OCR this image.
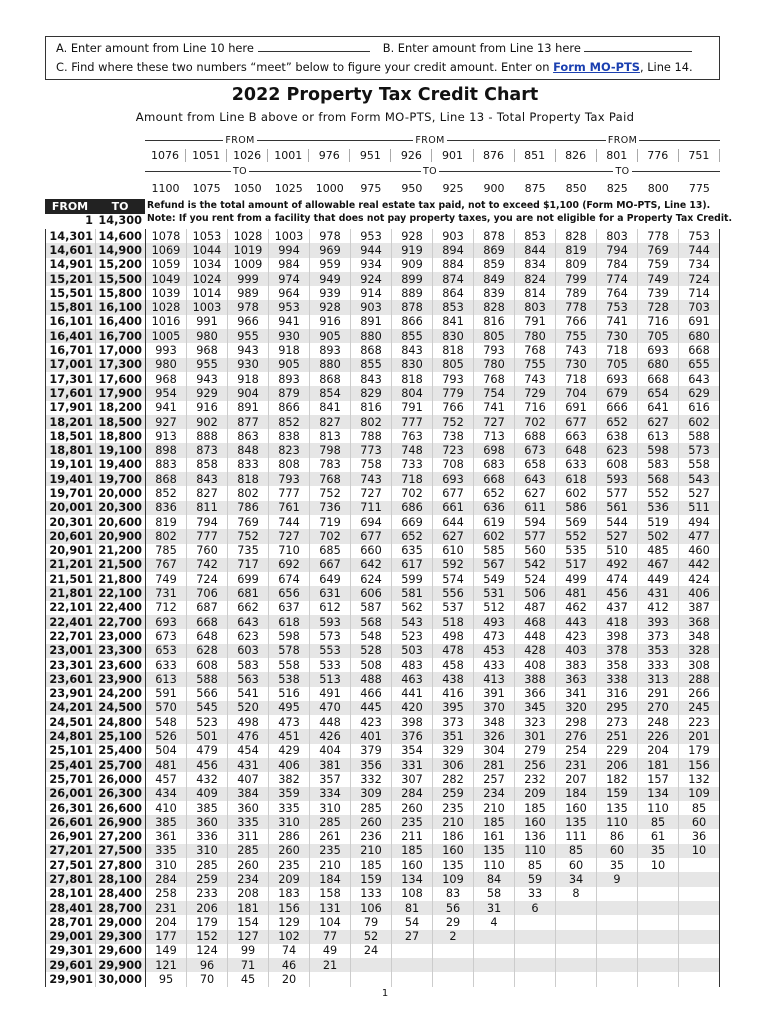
A. Enter amount from Line 10 here	B. Enter amount from Line 13 here
C. Find where these two numbers “meet” below to figure your credit amount. Enter on Form MO-PTS, Line 14.
2022 Property Tax Credit Chart
Amount from Line B above or from Form MO-PTS, Line 13 - Total Property Tax Paid
FROM	FROM	FROM
1076	1051	1026	1001	976	951	926	901	876	851	826	801	776	751
TO	TO	TO
1100	1075	1050	1025	1000	975	950	925	900	875	850	825	800	775
FROM	TO
1 14,300
Refund is the total amount of allowable real estate tax paid, not to exceed $1,100 (Form MO-PTS, Line 13).
Note: If you rent from a facility that does not pay property taxes, you are not eligible for a Property Tax Credit.
14,301	14,600	1078	1053	1028	1003	978	953	928	903	878	853	828	803	778	753
14,601	14,900	1069	1044	1019	994	969	944	919	894	869	844	819	794	769	744
14,901	15,200	1059	1034	1009	984	959	934	909	884	859	834	809	784	759	734
15,201	15,500	1049	1024	999	974	949	924	899	874	849	824	799	774	749	724
15,501	15,800	1039	1014	989	964	939	914	889	864	839	814	789	764	739	714
15,801	16,100	1028	1003	978	953	928	903	878	853	828	803	778	753	728	703
16,101	16,400	1016	991	966	941	916	891	866	841	816	791	766	741	716	691
16,401	16,700	1005	980	955	930	905	880	855	830	805	780	755	730	705	680
16,701	17,000	993	968	943	918	893	868	843	818	793	768	743	718	693	668
17,001	17,300	980	955	930	905	880	855	830	805	780	755	730	705	680	655
17,301	17,600	968	943	918	893	868	843	818	793	768	743	718	693	668	643
17,601	17,900	954	929	904	879	854	829	804	779	754	729	704	679	654	629
17,901	18,200	941	916	891	866	841	816	791	766	741	716	691	666	641	616
18,201	18,500	927	902	877	852	827	802	777	752	727	702	677	652	627	602
18,501	18,800	913	888	863	838	813	788	763	738	713	688	663	638	613	588
18,801	19,100	898	873	848	823	798	773	748	723	698	673	648	623	598	573
19,101	19,400	883	858	833	808	783	758	733	708	683	658	633	608	583	558
19,401	19,700	868	843	818	793	768	743	718	693	668	643	618	593	568	543
19,701	20,000	852	827	802	777	752	727	702	677	652	627	602	577	552	527
20,001	20,300	836	811	786	761	736	711	686	661	636	611	586	561	536	511
20,301	20,600	819	794	769	744	719	694	669	644	619	594	569	544	519	494
20,601	20,900	802	777	752	727	702	677	652	627	602	577	552	527	502	477
20,901	21,200	785	760	735	710	685	660	635	610	585	560	535	510	485	460
21,201	21,500	767	742	717	692	667	642	617	592	567	542	517	492	467	442
21,501	21,800	749	724	699	674	649	624	599	574	549	524	499	474	449	424
21,801	22,100	731	706	681	656	631	606	581	556	531	506	481	456	431	406
22,101	22,400	712	687	662	637	612	587	562	537	512	487	462	437	412	387
22,401	22,700	693	668	643	618	593	568	543	518	493	468	443	418	393	368
22,701	23,000	673	648	623	598	573	548	523	498	473	448	423	398	373	348
23,001	23,300	653	628	603	578	553	528	503	478	453	428	403	378	353	328
23,301	23,600	633	608	583	558	533	508	483	458	433	408	383	358	333	308
23,601	23,900	613	588	563	538	513	488	463	438	413	388	363	338	313	288
23,901	24,200	591	566	541	516	491	466	441	416	391	366	341	316	291	266
24,201	24,500	570	545	520	495	470	445	420	395	370	345	320	295	270	245
24,501	24,800	548	523	498	473	448	423	398	373	348	323	298	273	248	223
24,801	25,100	526	501	476	451	426	401	376	351	326	301	276	251	226	201
25,101	25,400	504	479	454	429	404	379	354	329	304	279	254	229	204	179
25,401	25,700	481	456	431	406	381	356	331	306	281	256	231	206	181	156
25,701	26,000	457	432	407	382	357	332	307	282	257	232	207	182	157	132
26,001	26,300	434	409	384	359	334	309	284	259	234	209	184	159	134	109
26,301	26,600	410	385	360	335	310	285	260	235	210	185	160	135	110	85
26,601	26,900	385	360	335	310	285	260	235	210	185	160	135	110	85	60
26,901	27,200	361	336	311	286	261	236	211	186	161	136	111	86	61	36
27,201	27,500	335	310	285	260	235	210	185	160	135	110	85	60	35	10
27,501	27,800	310	285	260	235	210	185	160	135	110	85	60	35	10	
27,801	28,100	284	259	234	209	184	159	134	109	84	59	34	9		
28,101	28,400	258	233	208	183	158	133	108	83	58	33	8			
28,401	28,700	231	206	181	156	131	106	81	56	31	6				
28,701	29,000	204	179	154	129	104	79	54	29	4					
29,001	29,300	177	152	127	102	77	52	27	2						
29,301	29,600	149	124	99	74	49	24								
29,601	29,900	121	96	71	46	21									
29,901	30,000	95	70	45	20										
1
